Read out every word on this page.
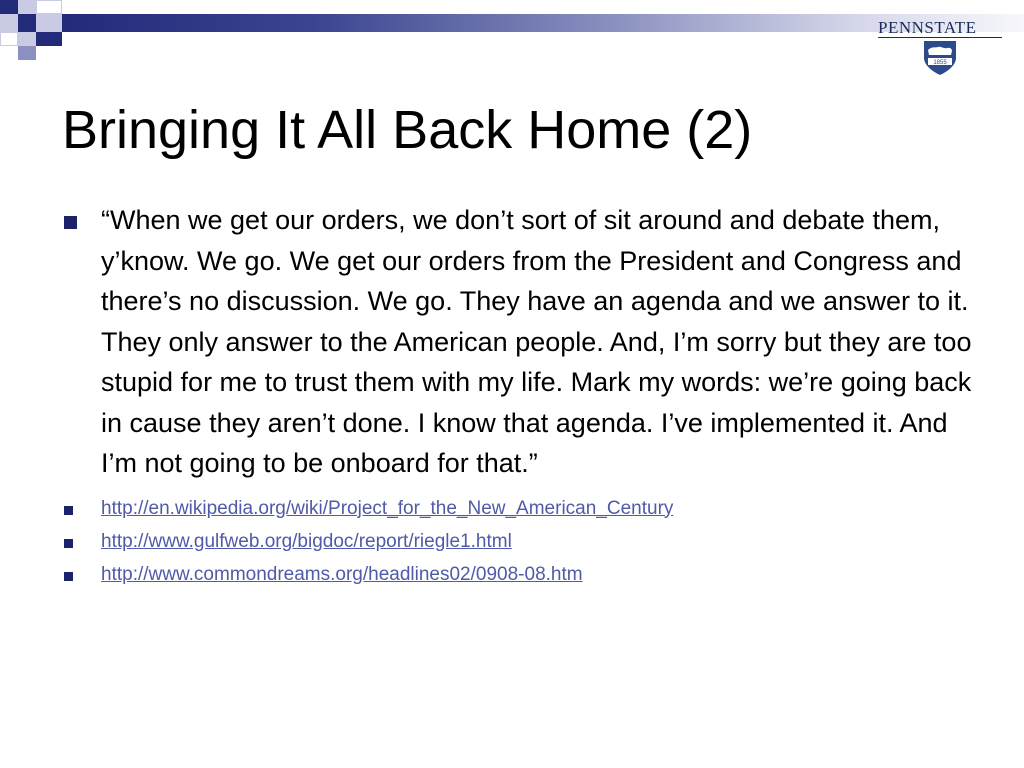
PENNSTATE
1855
Bringing It All Back Home (2)

“When we get our orders, we don’t sort of sit around and debate them, y’know. We go. We get our orders from the President and Congress and there’s no discussion. We go. They have an agenda and we answer to it. They only answer to the American people. And, I’m sorry but they are too stupid for me to trust them with my life. Mark my words: we’re going back in cause they aren’t done. I know that agenda. I’ve implemented it. And I’m not going to be onboard for that.”

http://en.wikipedia.org/wiki/Project_for_the_New_American_Century
http://www.gulfweb.org/bigdoc/report/riegle1.html
http://www.commondreams.org/headlines02/0908-08.htm
